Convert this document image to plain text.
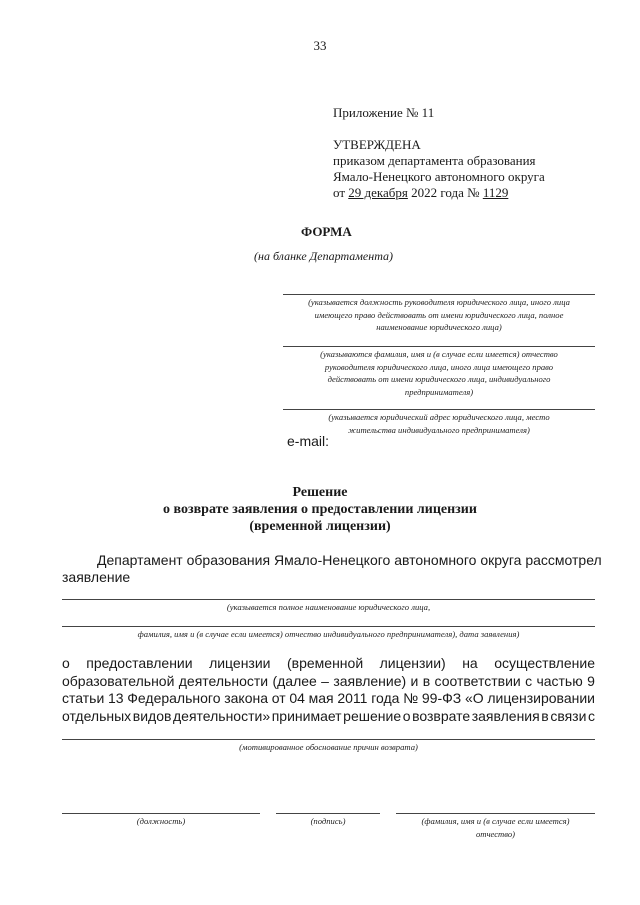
33
Приложение № 11
УТВЕРЖДЕНА
приказом департамента образования
Ямало-Ненецкого автономного округа
от 29 декабря 2022 года № 1129
ФОРМА
(на бланке Департамента)
(указывается должность руководителя юридического лица, иного лица
имеющего право действовать от имени юридического лица, полное
наименование юридического лица)
(указываются фамилия, имя и (в случае если имеется) отчество
руководителя юридического лица, иного лица имеющего право
действовать от имени юридического лица, индивидуального
предпринимателя)
(указывается юридический адрес юридического лица, место
жительства индивидуального предпринимателя)
e-mail:
Решение
о возврате заявления о предоставлении лицензии
(временной лицензии)
Департамент образования Ямало-Ненецкого автономного округа рассмотрел
заявление
(указывается полное наименование юридического лица,
фамилия, имя и (в случае если имеется) отчество индивидуального предпринимателя), дата заявления)
о предоставлении лицензии (временной лицензии) на осуществление
образовательной деятельности (далее – заявление) и в соответствии с частью 9
статьи 13 Федерального закона от 04 мая 2011 года № 99-ФЗ «О лицензировании
отдельных видов деятельности» принимает решение о возврате заявления в связи с
(мотивированное обоснование причин возврата)
(должность)	(подпись)	(фамилия, имя и (в случае если имеется)
отчество)
